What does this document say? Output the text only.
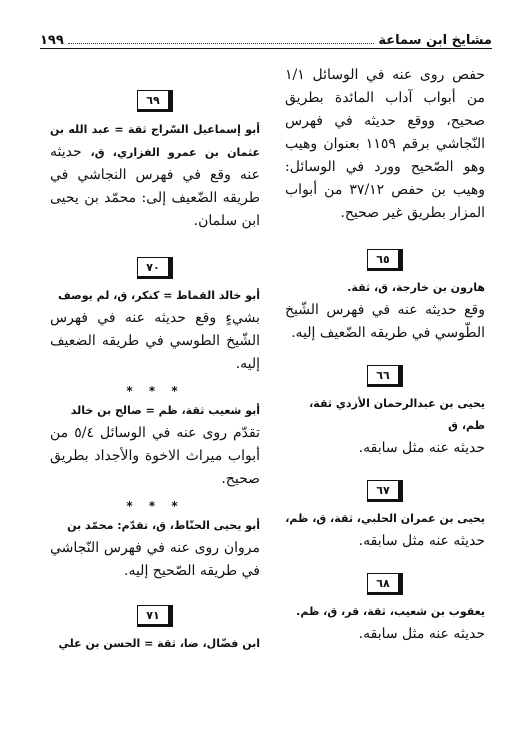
مشايخ ابن سماعة
١٩٩

حفص روى عنه في الوسائل ١/١ من أبواب آداب المائدة بطريق صحيح، ووقع حديثه في فهرس النّجاشي برقم ١١٥٩ بعنوان وهيب وهو الصّحيح وورد في الوسائل: وهيب بن حفص ٣٧/١٢ من أبواب المزار بطريق غير صحيح.

٦٥

هارون بن خارجة، ق، ثقة.

وقع حديثه عنه في فهرس الشّيخ الطّوسي في طريقه الضّعيف إليه.

٦٦

يحيى بن عبدالرحمان الأزدي ثقة، ظم، ق

حديثه عنه مثل سابقه.

٦٧

يحيى بن عمران الحلبي، ثقة، ق، ظم،

حديثه عنه مثل سابقه.

٦٨

يعقوب بن شعيب، ثقة، قر، ق، ظم.

حديثه عنه مثل سابقه.

٦٩

أبو إسماعيل السّراج ثقة = عبد الله بن عثمان بن عمرو الفزاري، ق، حديثه عنه وقع في فهرس النجاشي في طريقه الضّعيف إلى: محمّد بن يحيى ابن سلمان.

٧٠

أبو خالد القماط = كنكر، ق، لم يوصف

بشيءٍ وقع حديثه عنه في فهرس الشّيخ الطوسي في طريقه الضعيف إليه.

* * *

أبو شعيب ثقة، ظم = صالح بن خالد

تقدّم روى عنه في الوسائل ٥/٤ من أبواب ميراث الاخوة والأجداد بطريق صحيح.

* * *

أبو يحيى الحنّاط، ق، تقدّم: محمّد بن

مروان روى عنه في فهرس النّجاشي في طريقه الصّحيح إليه.

٧١

ابن فضّال، ضا، ثقة = الحسن بن علي
